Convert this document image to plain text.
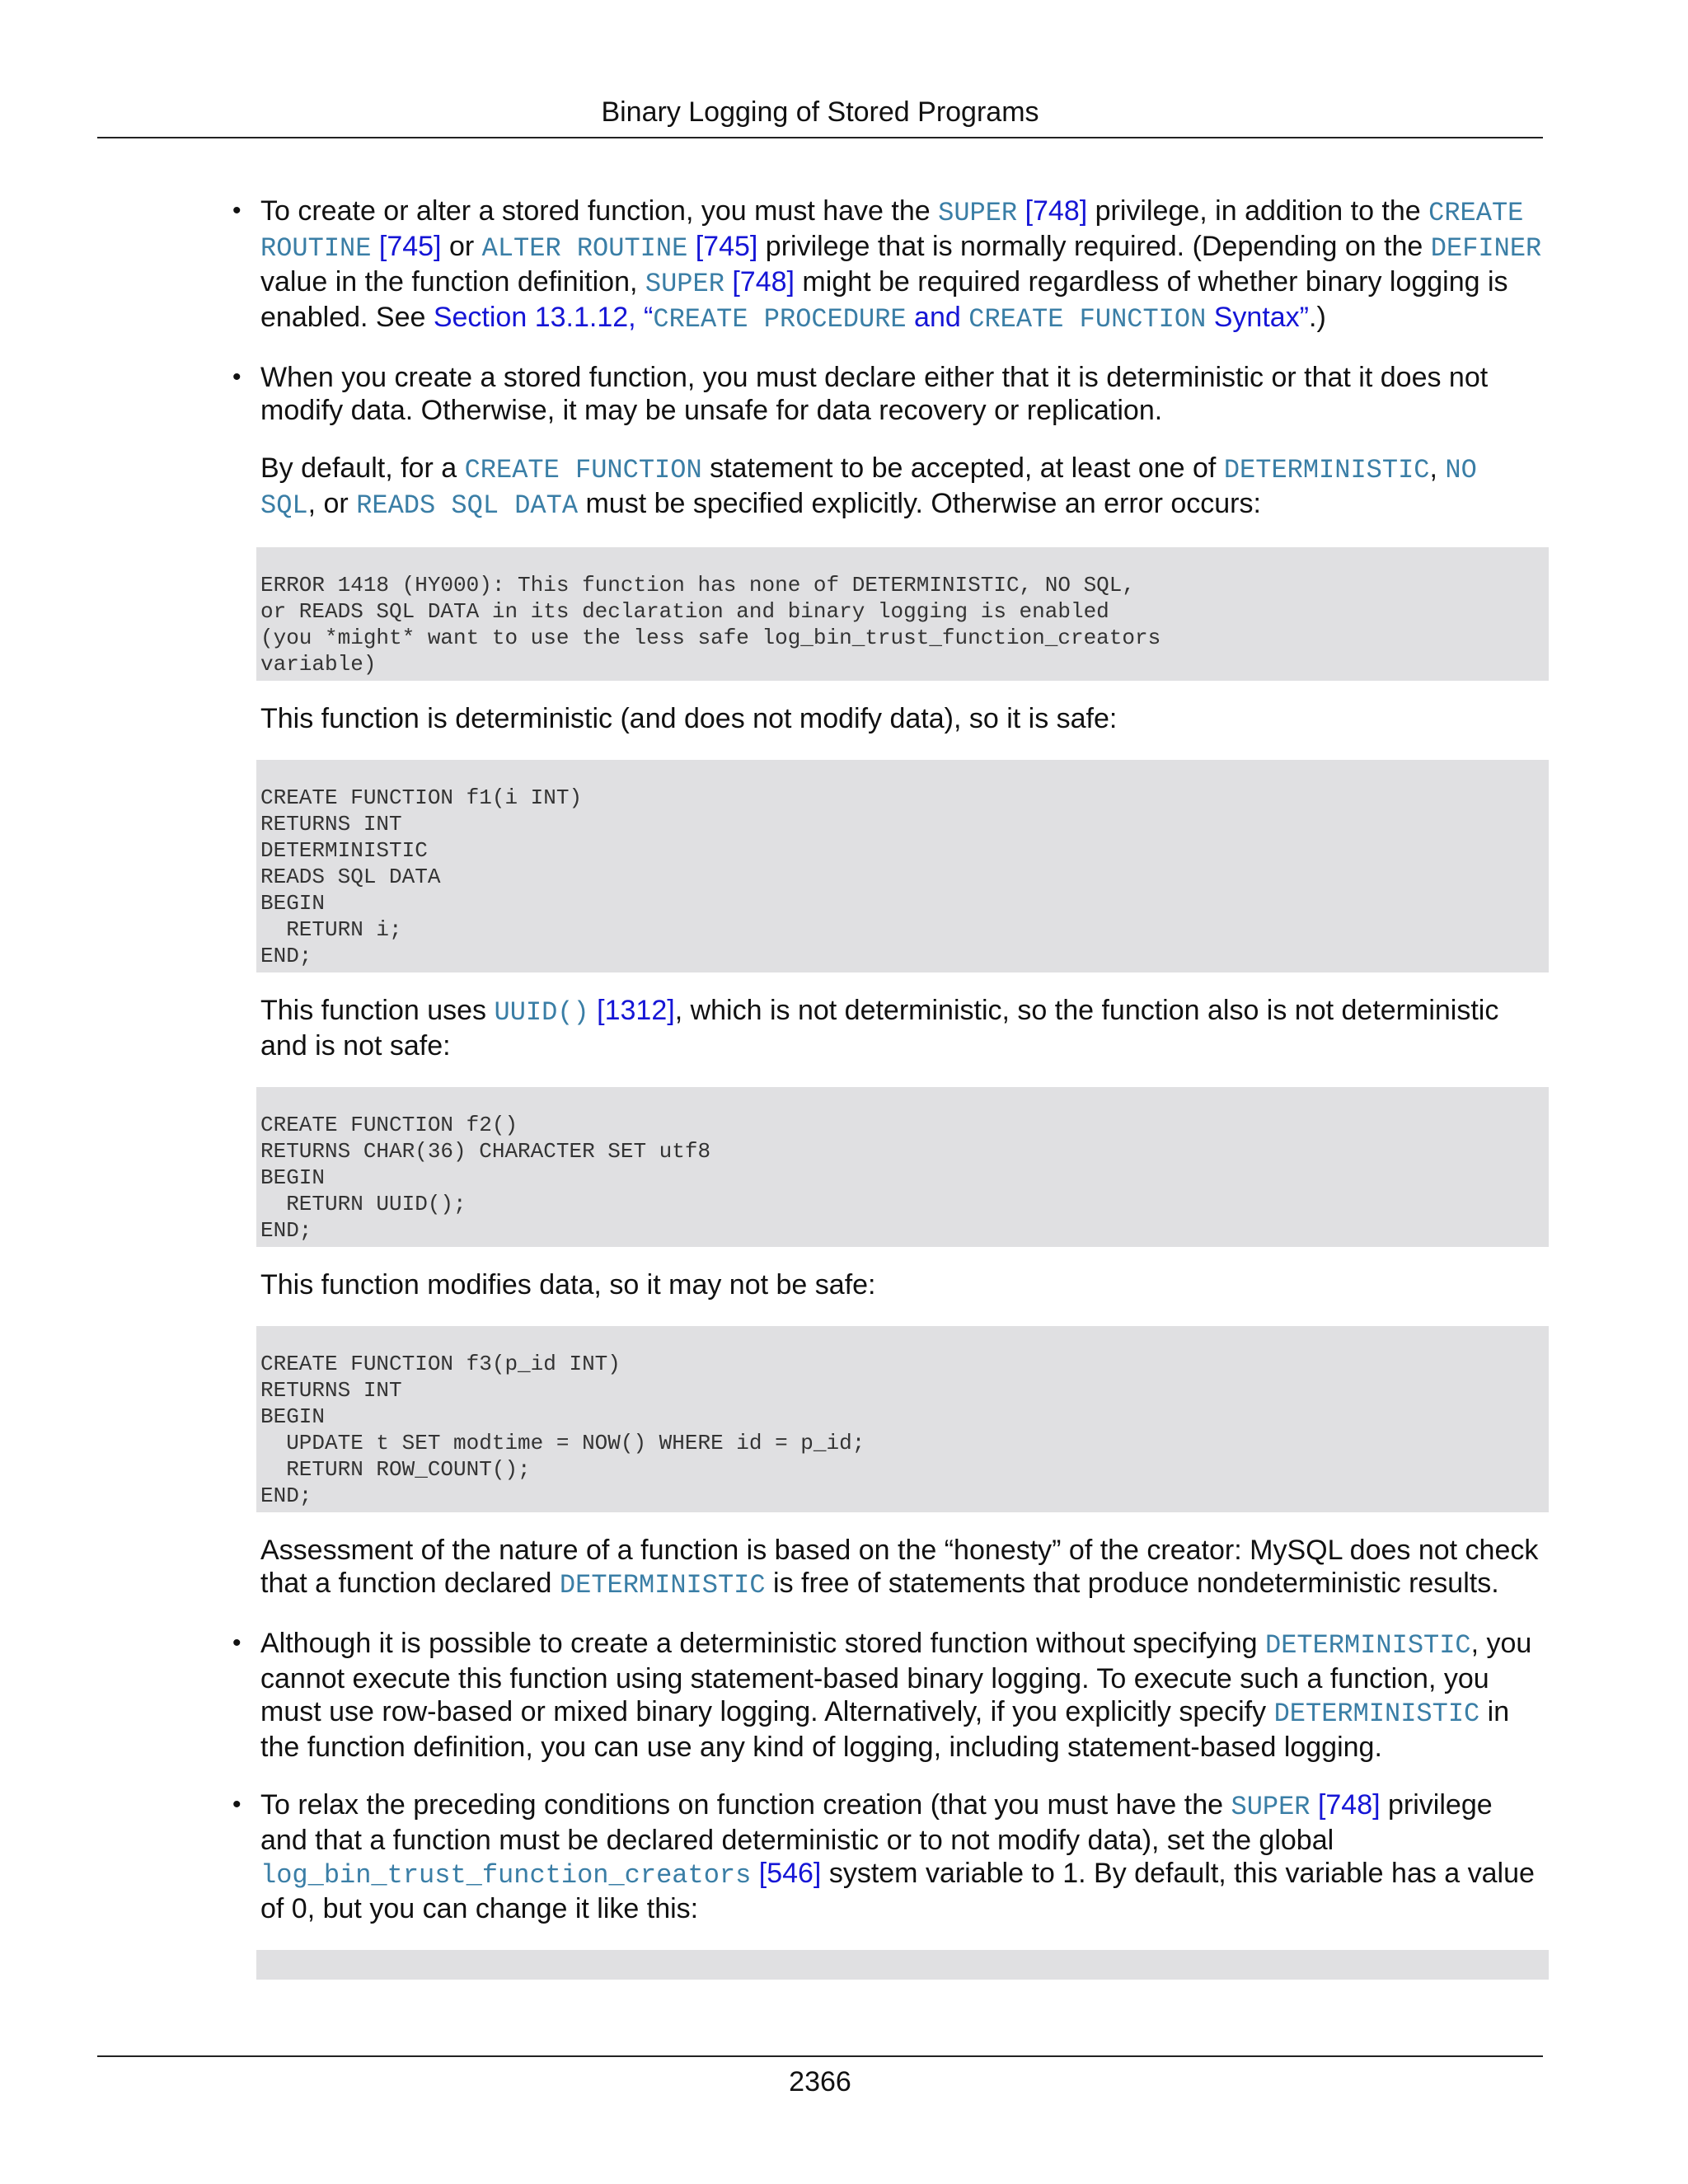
Binary Logging of Stored Programs
• To create or alter a stored function, you must have the SUPER [748] privilege, in addition to the CREATE ROUTINE [745] or ALTER ROUTINE [745] privilege that is normally required. (Depending on the DEFINER value in the function definition, SUPER [748] might be required regardless of whether binary logging is enabled. See Section 13.1.12, “CREATE PROCEDURE and CREATE FUNCTION Syntax”.)
• When you create a stored function, you must declare either that it is deterministic or that it does not modify data. Otherwise, it may be unsafe for data recovery or replication.

By default, for a CREATE FUNCTION statement to be accepted, at least one of DETERMINISTIC, NO SQL, or READS SQL DATA must be specified explicitly. Otherwise an error occurs:

ERROR 1418 (HY000): This function has none of DETERMINISTIC, NO SQL,
or READS SQL DATA in its declaration and binary logging is enabled
(you *might* want to use the less safe log_bin_trust_function_creators
variable)

This function is deterministic (and does not modify data), so it is safe:

CREATE FUNCTION f1(i INT)
RETURNS INT
DETERMINISTIC
READS SQL DATA
BEGIN
RETURN i;
END;

This function uses UUID() [1312], which is not deterministic, so the function also is not deterministic and is not safe:

CREATE FUNCTION f2()
RETURNS CHAR(36) CHARACTER SET utf8
BEGIN
RETURN UUID();
END;

This function modifies data, so it may not be safe:

CREATE FUNCTION f3(p_id INT)
RETURNS INT
BEGIN
UPDATE t SET modtime = NOW() WHERE id = p_id;
RETURN ROW_COUNT();
END;

Assessment of the nature of a function is based on the “honesty” of the creator: MySQL does not check that a function declared DETERMINISTIC is free of statements that produce nondeterministic results.

• Although it is possible to create a deterministic stored function without specifying DETERMINISTIC, you cannot execute this function using statement-based binary logging. To execute such a function, you must use row-based or mixed binary logging. Alternatively, if you explicitly specify DETERMINISTIC in the function definition, you can use any kind of logging, including statement-based logging.
• To relax the preceding conditions on function creation (that you must have the SUPER [748] privilege and that a function must be declared deterministic or to not modify data), set the global log_bin_trust_function_creators [546] system variable to 1. By default, this variable has a value of 0, but you can change it like this:
2366
